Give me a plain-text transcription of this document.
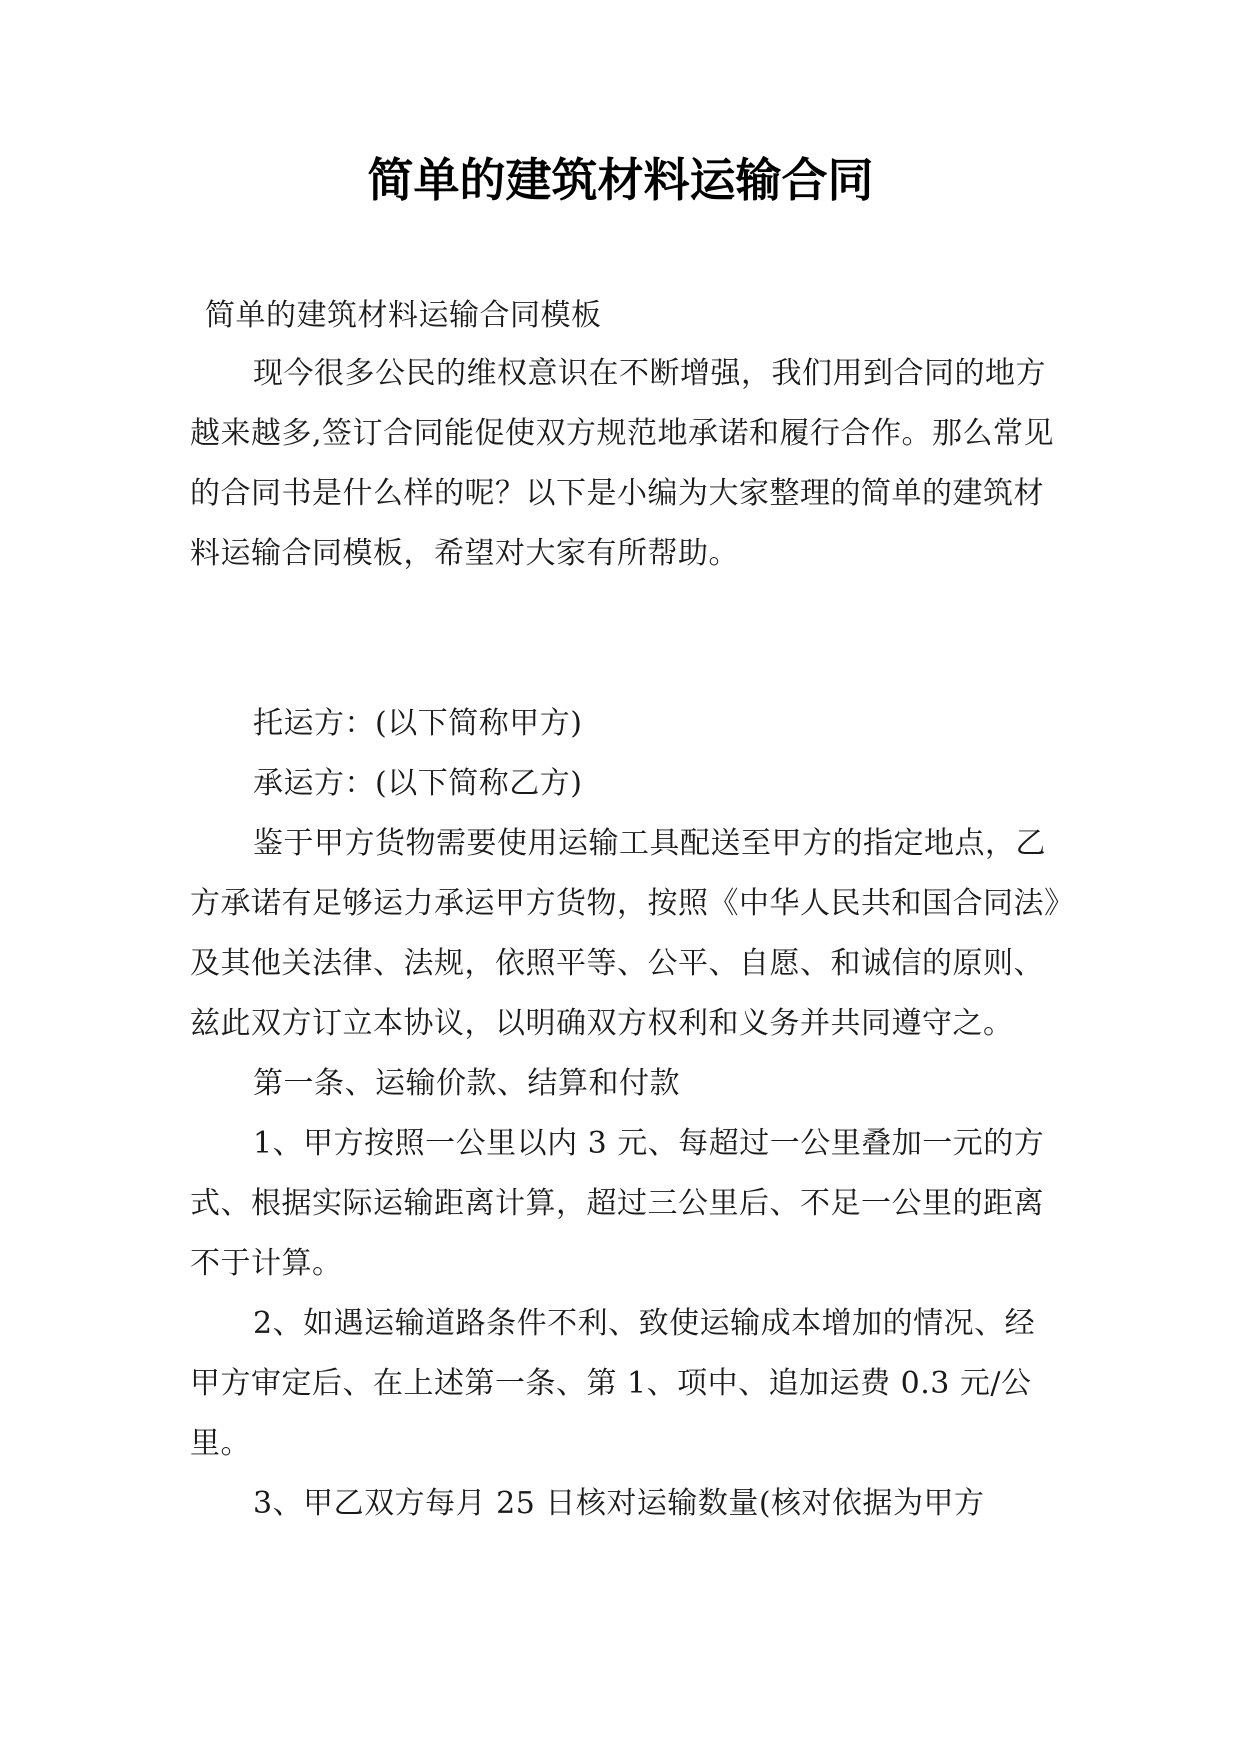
简单的建筑材料运输合同
简单的建筑材料运输合同模板

现今很多公民的维权意识在不断增强，我们用到合同的地方越来越多,签订合同能促使双方规范地承诺和履行合作。那么常见的合同书是什么样的呢？以下是小编为大家整理的简单的建筑材料运输合同模板，希望对大家有所帮助。

托运方：(以下简称甲方)

承运方：(以下简称乙方)

鉴于甲方货物需要使用运输工具配送至甲方的指定地点，乙方承诺有足够运力承运甲方货物，按照《中华人民共和国合同法》及其他关法律、法规，依照平等、公平、自愿、和诚信的原则、兹此双方订立本协议，以明确双方权利和义务并共同遵守之。

第一条、运输价款、结算和付款

1、甲方按照一公里以内 3 元、每超过一公里叠加一元的方式、根据实际运输距离计算，超过三公里后、不足一公里的距离不于计算。

2、如遇运输道路条件不利、致使运输成本增加的情况、经甲方审定后、在上述第一条、第 1、项中、追加运费 0.3 元/公里。

3、甲乙双方每月 25 日核对运输数量(核对依据为甲方
